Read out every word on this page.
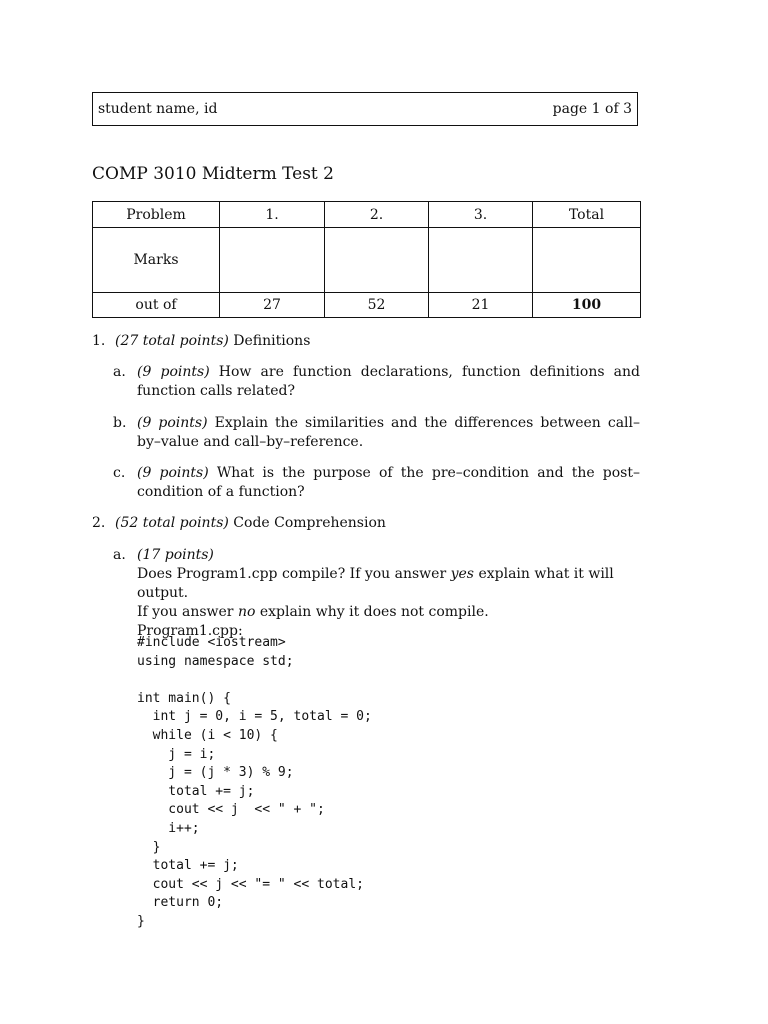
student name, id	page 1 of 3
COMP 3010 Midterm Test 2
Problem	1.	2.	3.	Total
Marks				
out of	27	52	21	100
1. (27 total points) Definitions
a. (9 points) How are function declarations, function definitions and function calls related?
b. (9 points) Explain the similarities and the differences between call–by–value and call–by–reference.
c. (9 points) What is the purpose of the pre–condition and the post–condition of a function?
2. (52 total points) Code Comprehension
a. (17 points)
Does Program1.cpp compile? If you answer yes explain what it will output.
If you answer no explain why it does not compile.
Program1.cpp:
#include <iostream>
using namespace std;

int main() {
int j = 0, i = 5, total = 0;
while (i < 10) {
j = i;
j = (j * 3) % 9;
total += j;
cout << j  << " + ";
i++;
}
total += j;
cout << j << "= " << total;
return 0;
}
